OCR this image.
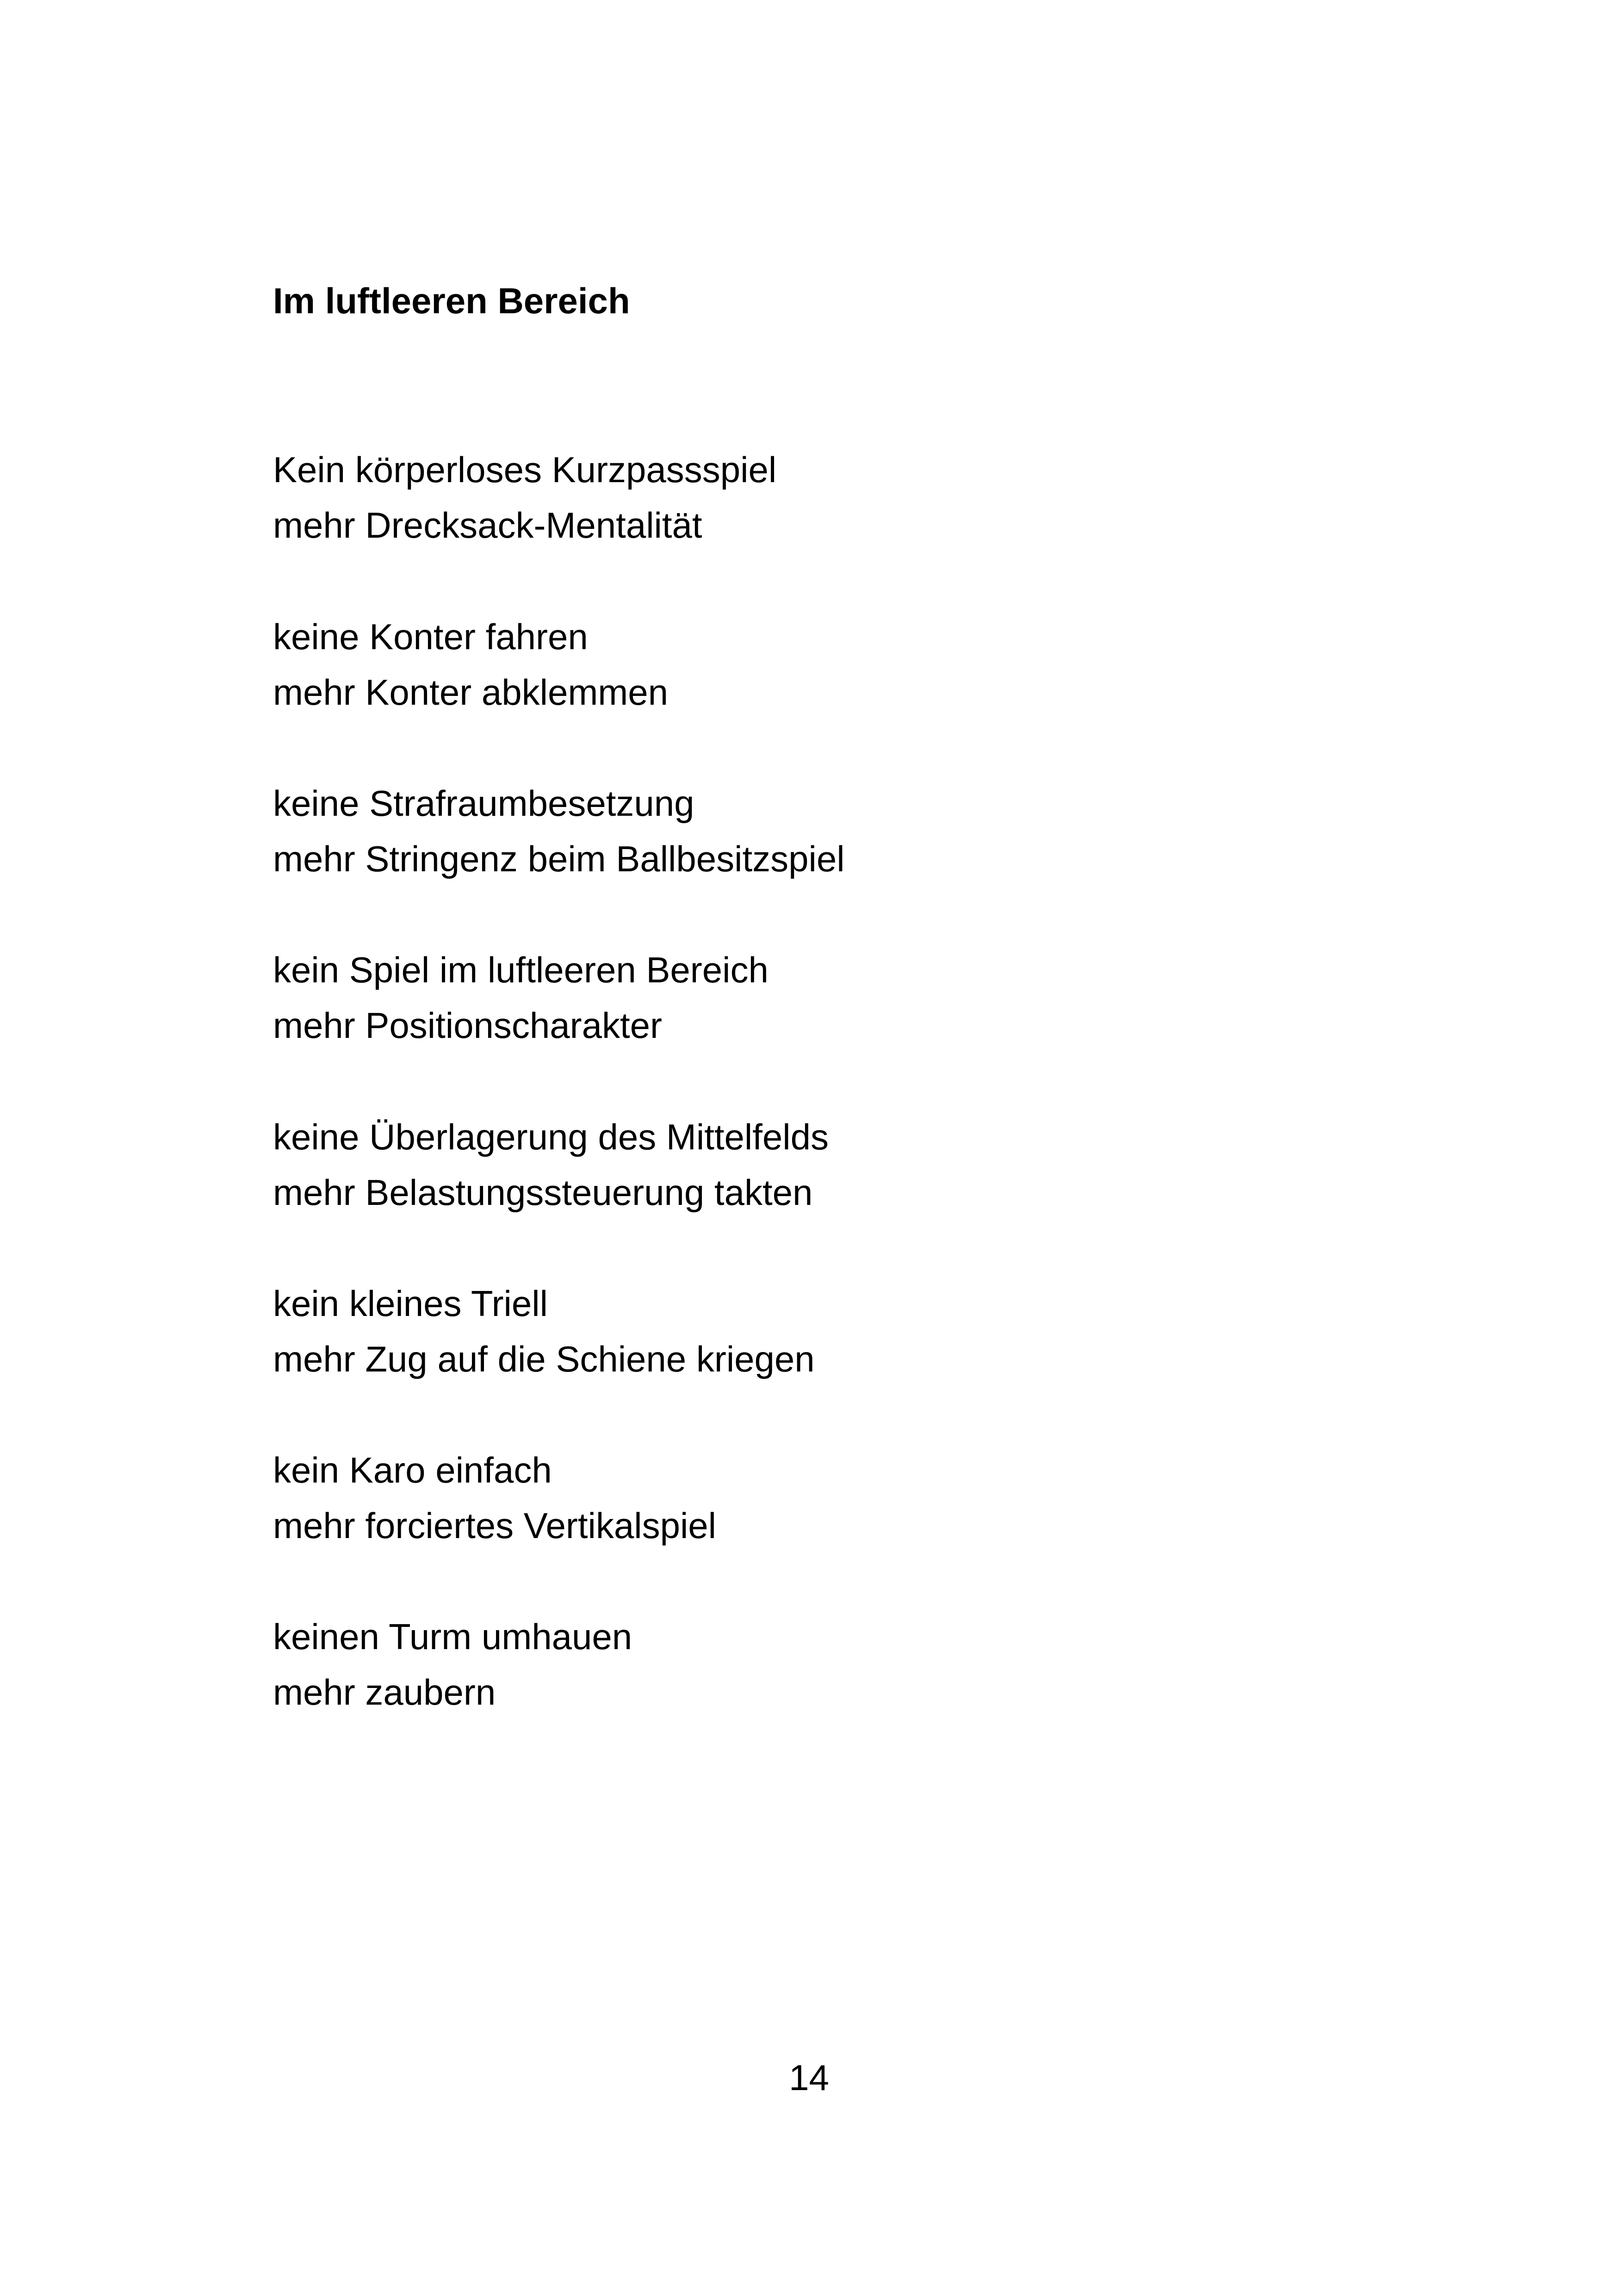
Im luftleeren Bereich
Kein körperloses Kurzpassspiel
mehr Drecksack-Mentalität
keine Konter fahren
mehr Konter abklemmen
keine Strafraumbesetzung
mehr Stringenz beim Ballbesitzspiel
kein Spiel im luftleeren Bereich
mehr Positionscharakter
keine Überlagerung des Mittelfelds
mehr Belastungssteuerung takten
kein kleines Triell
mehr Zug auf die Schiene kriegen
kein Karo einfach
mehr forciertes Vertikalspiel
keinen Turm umhauen
mehr zaubern
14
